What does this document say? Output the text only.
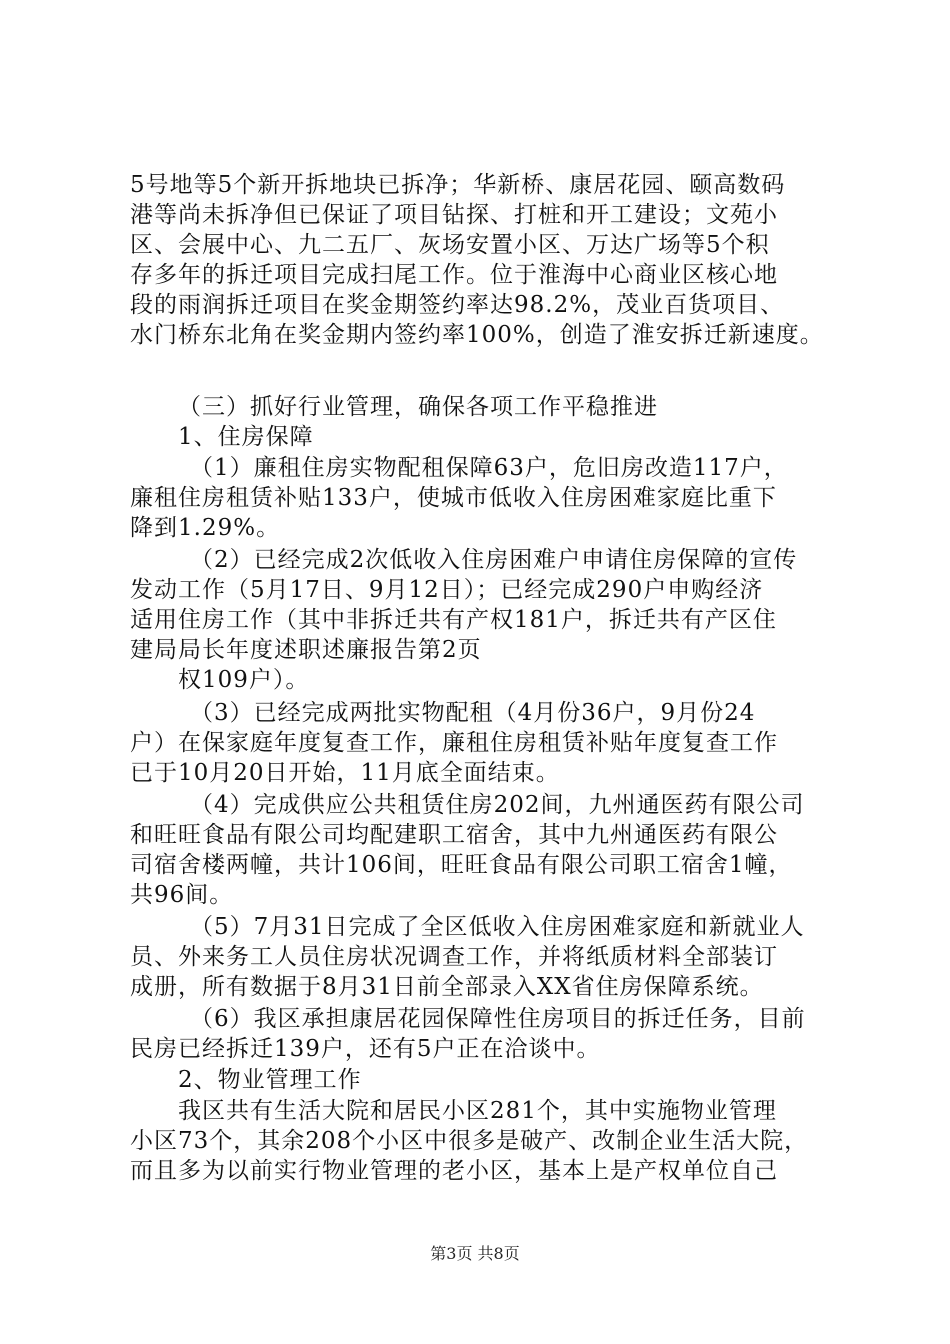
5号地等5个新开拆地块已拆净；华新桥、康居花园、颐高数码
港等尚未拆净但已保证了项目钻探、打桩和开工建设；文苑小
区、会展中心、九二五厂、灰场安置小区、万达广场等5个积
存多年的拆迁项目完成扫尾工作。位于淮海中心商业区核心地
段的雨润拆迁项目在奖金期签约率达98.2%，茂业百货项目、
水门桥东北角在奖金期内签约率100%，创造了淮安拆迁新速度。
（三）抓好行业管理，确保各项工作平稳推进
1、住房保障
（1）廉租住房实物配租保障63户，危旧房改造117户，
廉租住房租赁补贴133户，使城市低收入住房困难家庭比重下
降到1.29%。
（2）已经完成2次低收入住房困难户申请住房保障的宣传
发动工作（5月17日、9月12日）；已经完成290户申购经济
适用住房工作（其中非拆迁共有产权181户，拆迁共有产区住
建局局长年度述职述廉报告第2页
权109户）。
（3）已经完成两批实物配租（4月份36户，9月份24
户）在保家庭年度复查工作，廉租住房租赁补贴年度复查工作
已于10月20日开始，11月底全面结束。
（4）完成供应公共租赁住房202间，九州通医药有限公司
和旺旺食品有限公司均配建职工宿舍，其中九州通医药有限公
司宿舍楼两幢，共计106间，旺旺食品有限公司职工宿舍1幢，
共96间。
（5）7月31日完成了全区低收入住房困难家庭和新就业人
员、外来务工人员住房状况调查工作，并将纸质材料全部装订
成册，所有数据于8月31日前全部录入XX省住房保障系统。
（6）我区承担康居花园保障性住房项目的拆迁任务，目前
民房已经拆迁139户，还有5户正在洽谈中。
2、物业管理工作
我区共有生活大院和居民小区281个，其中实施物业管理
小区73个，其余208个小区中很多是破产、改制企业生活大院，
而且多为以前实行物业管理的老小区，基本上是产权单位自己
第3页 共8页
